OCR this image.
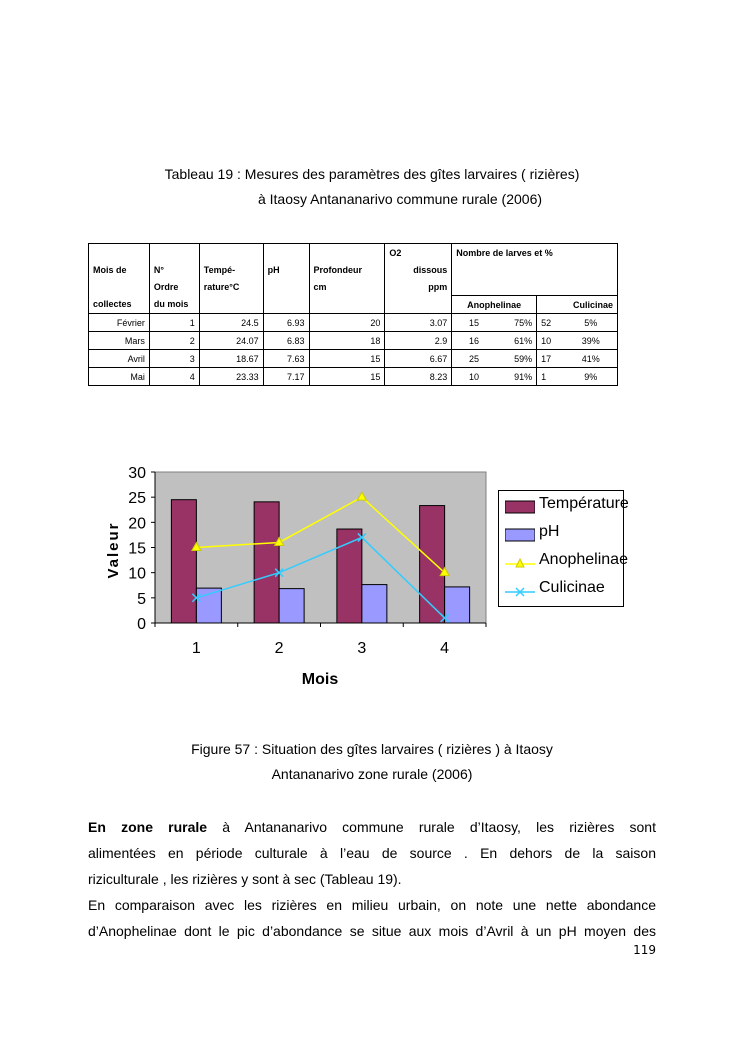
Tableau 19 : Mesures des paramètres des gîtes larvaires ( rizières)
à Itaosy Antananarivo commune rurale (2006)
					O2	Nombre de larves et %			
Mois de	N°	Tempé-	pH	Profondeur	dissous				
	Ordre	rature°C		cm	ppm				
collectes	du mois					Anophelinae		Culicinae	
Février	1	24.5	6.93	20	3.07	15	75%	52	5%
Mars	2	24.07	6.83	18	2.9	16	61%	10	39%
Avril	3	18.67	7.63	15	6.67	25	59%	17	41%
Mai	4	23.33	7.17	15	8.23	10	91%	1	9%
0
5
10
15
20
25
30
1	2	3	4
Valeur
Mois
Température
pH
Anophelinae
Culicinae
Figure 57 : Situation des gîtes larvaires ( rizières ) à Itaosy
Antananarivo zone rurale (2006)
En zone rurale à Antananarivo commune rurale d’Itaosy, les rizières sont
alimentées en période culturale à l’eau de source . En dehors de la saison
riziculturale , les rizières y sont à sec (Tableau 19).
En comparaison avec les rizières en milieu urbain, on note une nette abondance
d’Anophelinae dont le pic d’abondance se situe aux mois d’Avril à un pH moyen des
119
